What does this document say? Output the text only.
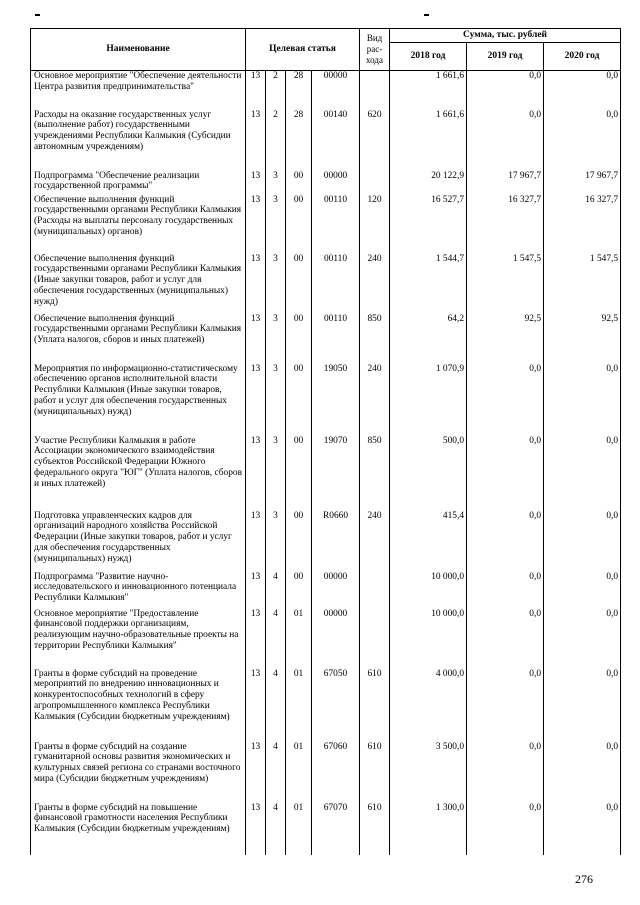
Наименование	Целевая статья				Вид рас-хода	Сумма, тыс. рублей		
						2018 год	2019 год	2020 год
Основное мероприятие "Обеспечение деятельности Центра развития предпринимательства"	13	2	28	00000		1 661,6	0,0	0,0
Расходы на оказание государственных услуг (выполнение работ) государственными учреждениями Республики Калмыкия (Субсидии автономным учреждениям)	13	2	28	00140	620	1 661,6	0,0	0,0
Подпрограмма "Обеспечение реализации государственной программы"	13	3	00	00000		20 122,9	17 967,7	17 967,7
Обеспечение выполнения функций государственными органами Республики Калмыкия (Расходы на выплаты персоналу государственных (муниципальных) органов)	13	3	00	00110	120	16 527,7	16 327,7	16 327,7
Обеспечение выполнения функций государственными органами Республики Калмыкия (Иные закупки товаров, работ и услуг для обеспечения государственных (муниципальных) нужд)	13	3	00	00110	240	1 544,7	1 547,5	1 547,5
Обеспечение выполнения функций государственными органами Республики Калмыкия (Уплата налогов, сборов и иных платежей)	13	3	00	00110	850	64,2	92,5	92,5
Мероприятия по информационно-статистическому обеспечению органов исполнительной власти Республики Калмыкия (Иные закупки товаров, работ и услуг для обеспечения государственных (муниципальных) нужд)	13	3	00	19050	240	1 070,9	0,0	0,0
Участие Республики Калмыкия в работе Ассоциации экономического взаимодействия субъектов Российской Федерации Южного федерального округа "ЮГ" (Уплата налогов, сборов и иных платежей)	13	3	00	19070	850	500,0	0,0	0,0
Подготовка управленческих кадров для организаций народного хозяйства Российской Федерации (Иные закупки товаров, работ и услуг для обеспечения государственных (муниципальных) нужд)	13	3	00	R0660	240	415,4	0,0	0,0
Подпрограмма "Развитие научно-исследовательского и инновационного потенциала Республики Калмыкия"	13	4	00	00000		10 000,0	0,0	0,0
Основное мероприятие "Предоставление финансовой поддержки организациям, реализующим научно-образовательные проекты на территории Республики Калмыкия"	13	4	01	00000		10 000,0	0,0	0,0
Гранты в форме субсидий на проведение мероприятий по внедрению инновационных и конкурентоспособных технологий в сферу агропромышленного комплекса Республики Калмыкия (Субсидии бюджетным учреждениям)	13	4	01	67050	610	4 000,0	0,0	0,0
Гранты в форме субсидий на создание гуманитарной основы развития экономических и культурных связей региона со странами восточного мира (Субсидии бюджетным учреждениям)	13	4	01	67060	610	3 500,0	0,0	0,0
Гранты в форме субсидий на повышение финансовой грамотности населения Республики Калмыкия (Субсидии бюджетным учреждениям)	13	4	01	67070	610	1 300,0	0,0	0,0
276
